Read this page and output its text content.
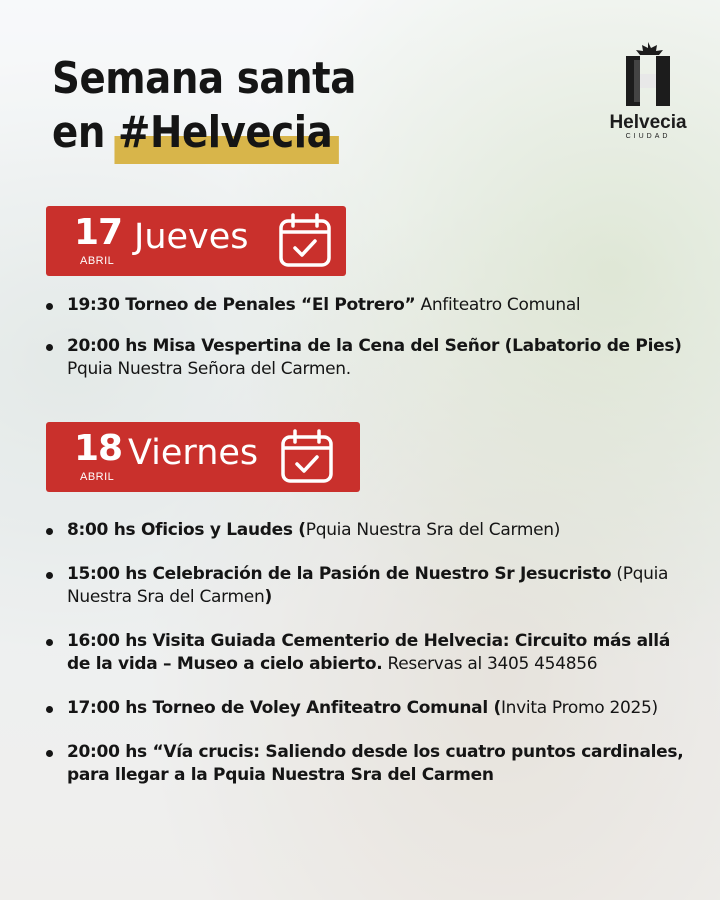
Semana santa
en #Helvecia	Helvecia
CIUDAD
17
ABRIL
Jueves
19:30 Torneo de Penales “El Potrero” Anfiteatro Comunal
20:00 hs Misa Vespertina de la Cena del Señor (Labatorio de Pies) Pquia Nuestra Señora del Carmen.
18
ABRIL
Viernes
8:00 hs Oficios y Laudes (Pquia Nuestra Sra del Carmen)
15:00 hs Celebración de la Pasión de Nuestro Sr Jesucristo (Pquia Nuestra Sra del Carmen)
16:00 hs Visita Guiada Cementerio de Helvecia: Circuito más allá de la vida – Museo a cielo abierto. Reservas al 3405 454856
17:00 hs Torneo de Voley Anfiteatro Comunal (Invita Promo 2025)
20:00 hs “Vía crucis: Saliendo desde los cuatro puntos cardinales, para llegar a la Pquia Nuestra Sra del Carmen
